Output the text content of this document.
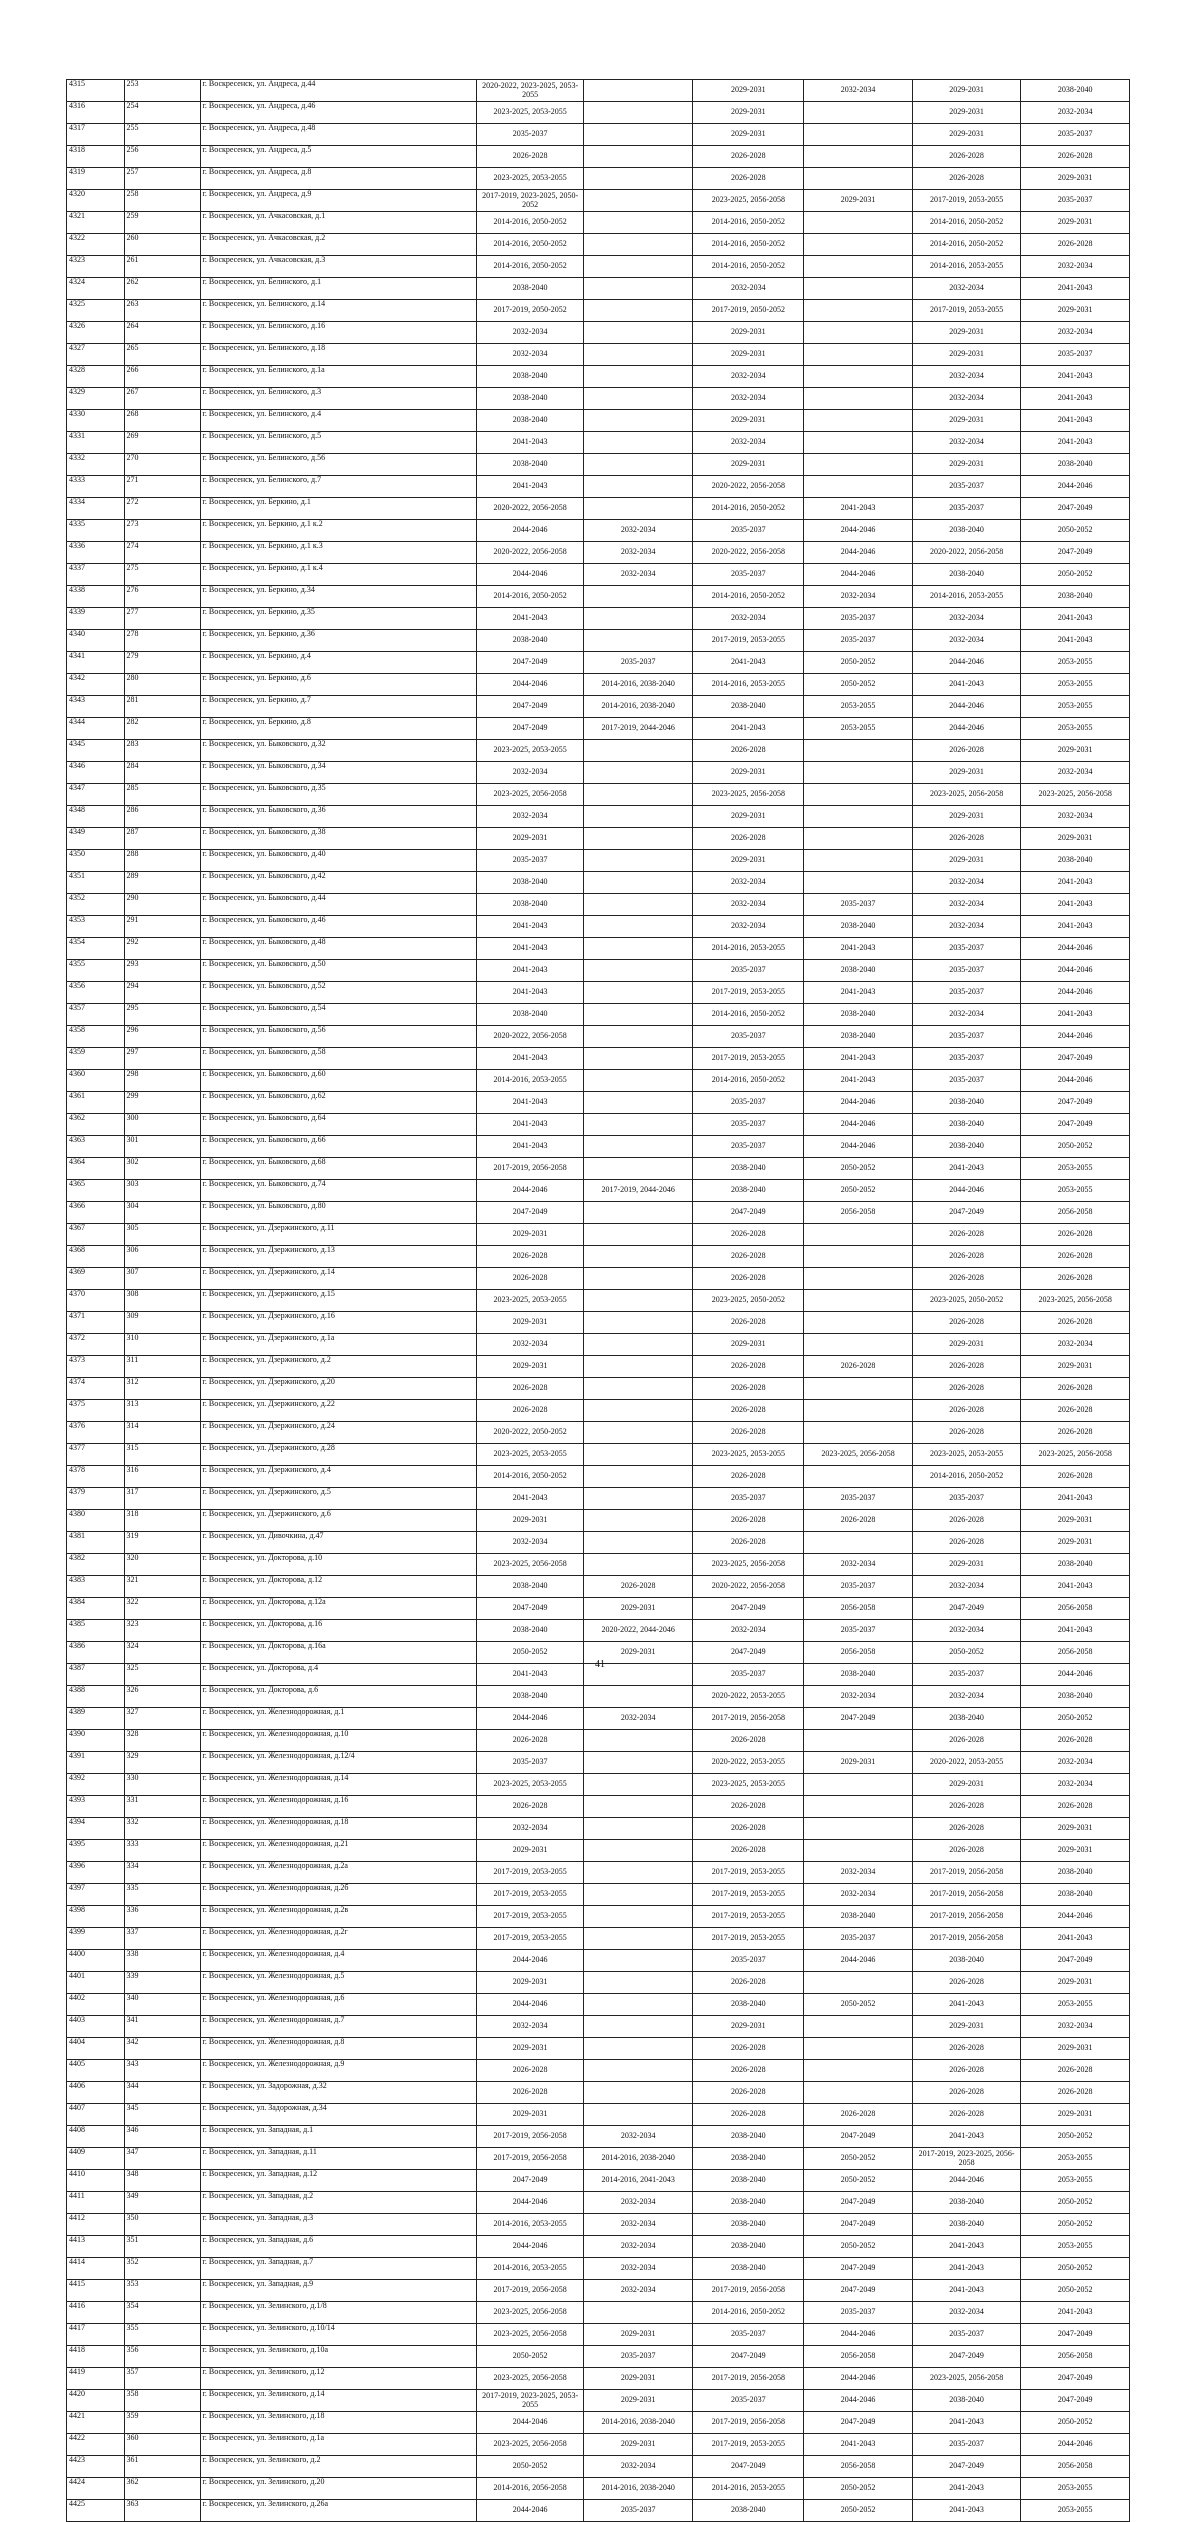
4315	253	г. Воскресенск, ул. Андреса, д.44	2020-2022, 2023-2025, 2053-2055		2029-2031	2032-2034	2029-2031	2038-2040
4316	254	г. Воскресенск, ул. Андреса, д.46	2023-2025, 2053-2055		2029-2031		2029-2031	2032-2034
4317	255	г. Воскресенск, ул. Андреса, д.48	2035-2037		2029-2031		2029-2031	2035-2037
4318	256	г. Воскресенск, ул. Андреса, д.5	2026-2028		2026-2028		2026-2028	2026-2028
4319	257	г. Воскресенск, ул. Андреса, д.8	2023-2025, 2053-2055		2026-2028		2026-2028	2029-2031
4320	258	г. Воскресенск, ул. Андреса, д.9	2017-2019, 2023-2025, 2050-2052		2023-2025, 2056-2058	2029-2031	2017-2019, 2053-2055	2035-2037
4321	259	г. Воскресенск, ул. Ачкасовская, д.1	2014-2016, 2050-2052		2014-2016, 2050-2052		2014-2016, 2050-2052	2029-2031
4322	260	г. Воскресенск, ул. Ачкасовская, д.2	2014-2016, 2050-2052		2014-2016, 2050-2052		2014-2016, 2050-2052	2026-2028
4323	261	г. Воскресенск, ул. Ачкасовская, д.3	2014-2016, 2050-2052		2014-2016, 2050-2052		2014-2016, 2053-2055	2032-2034
4324	262	г. Воскресенск, ул. Белинского, д.1	2038-2040		2032-2034		2032-2034	2041-2043
4325	263	г. Воскресенск, ул. Белинского, д.14	2017-2019, 2050-2052		2017-2019, 2050-2052		2017-2019, 2053-2055	2029-2031
4326	264	г. Воскресенск, ул. Белинского, д.16	2032-2034		2029-2031		2029-2031	2032-2034
4327	265	г. Воскресенск, ул. Белинского, д.18	2032-2034		2029-2031		2029-2031	2035-2037
4328	266	г. Воскресенск, ул. Белинского, д.1а	2038-2040		2032-2034		2032-2034	2041-2043
4329	267	г. Воскресенск, ул. Белинского, д.3	2038-2040		2032-2034		2032-2034	2041-2043
4330	268	г. Воскресенск, ул. Белинского, д.4	2038-2040		2029-2031		2029-2031	2041-2043
4331	269	г. Воскресенск, ул. Белинского, д.5	2041-2043		2032-2034		2032-2034	2041-2043
4332	270	г. Воскресенск, ул. Белинского, д.56	2038-2040		2029-2031		2029-2031	2038-2040
4333	271	г. Воскресенск, ул. Белинского, д.7	2041-2043		2020-2022, 2056-2058		2035-2037	2044-2046
4334	272	г. Воскресенск, ул. Беркино, д.1	2020-2022, 2056-2058		2014-2016, 2050-2052	2041-2043	2035-2037	2047-2049
4335	273	г. Воскресенск, ул. Беркино, д.1 к.2	2044-2046	2032-2034	2035-2037	2044-2046	2038-2040	2050-2052
4336	274	г. Воскресенск, ул. Беркино, д.1 к.3	2020-2022, 2056-2058	2032-2034	2020-2022, 2056-2058	2044-2046	2020-2022, 2056-2058	2047-2049
4337	275	г. Воскресенск, ул. Беркино, д.1 к.4	2044-2046	2032-2034	2035-2037	2044-2046	2038-2040	2050-2052
4338	276	г. Воскресенск, ул. Беркино, д.34	2014-2016, 2050-2052		2014-2016, 2050-2052	2032-2034	2014-2016, 2053-2055	2038-2040
4339	277	г. Воскресенск, ул. Беркино, д.35	2041-2043		2032-2034	2035-2037	2032-2034	2041-2043
4340	278	г. Воскресенск, ул. Беркино, д.36	2038-2040		2017-2019, 2053-2055	2035-2037	2032-2034	2041-2043
4341	279	г. Воскресенск, ул. Беркино, д.4	2047-2049	2035-2037	2041-2043	2050-2052	2044-2046	2053-2055
4342	280	г. Воскресенск, ул. Беркино, д.6	2044-2046	2014-2016, 2038-2040	2014-2016, 2053-2055	2050-2052	2041-2043	2053-2055
4343	281	г. Воскресенск, ул. Беркино, д.7	2047-2049	2014-2016, 2038-2040	2038-2040	2053-2055	2044-2046	2053-2055
4344	282	г. Воскресенск, ул. Беркино, д.8	2047-2049	2017-2019, 2044-2046	2041-2043	2053-2055	2044-2046	2053-2055
4345	283	г. Воскресенск, ул. Быковского, д.32	2023-2025, 2053-2055		2026-2028		2026-2028	2029-2031
4346	284	г. Воскресенск, ул. Быковского, д.34	2032-2034		2029-2031		2029-2031	2032-2034
4347	285	г. Воскресенск, ул. Быковского, д.35	2023-2025, 2056-2058		2023-2025, 2056-2058		2023-2025, 2056-2058	2023-2025, 2056-2058
4348	286	г. Воскресенск, ул. Быковского, д.36	2032-2034		2029-2031		2029-2031	2032-2034
4349	287	г. Воскресенск, ул. Быковского, д.38	2029-2031		2026-2028		2026-2028	2029-2031
4350	288	г. Воскресенск, ул. Быковского, д.40	2035-2037		2029-2031		2029-2031	2038-2040
4351	289	г. Воскресенск, ул. Быковского, д.42	2038-2040		2032-2034		2032-2034	2041-2043
4352	290	г. Воскресенск, ул. Быковского, д.44	2038-2040		2032-2034	2035-2037	2032-2034	2041-2043
4353	291	г. Воскресенск, ул. Быковского, д.46	2041-2043		2032-2034	2038-2040	2032-2034	2041-2043
4354	292	г. Воскресенск, ул. Быковского, д.48	2041-2043		2014-2016, 2053-2055	2041-2043	2035-2037	2044-2046
4355	293	г. Воскресенск, ул. Быковского, д.50	2041-2043		2035-2037	2038-2040	2035-2037	2044-2046
4356	294	г. Воскресенск, ул. Быковского, д.52	2041-2043		2017-2019, 2053-2055	2041-2043	2035-2037	2044-2046
4357	295	г. Воскресенск, ул. Быковского, д.54	2038-2040		2014-2016, 2050-2052	2038-2040	2032-2034	2041-2043
4358	296	г. Воскресенск, ул. Быковского, д.56	2020-2022, 2056-2058		2035-2037	2038-2040	2035-2037	2044-2046
4359	297	г. Воскресенск, ул. Быковского, д.58	2041-2043		2017-2019, 2053-2055	2041-2043	2035-2037	2047-2049
4360	298	г. Воскресенск, ул. Быковского, д.60	2014-2016, 2053-2055		2014-2016, 2050-2052	2041-2043	2035-2037	2044-2046
4361	299	г. Воскресенск, ул. Быковского, д.62	2041-2043		2035-2037	2044-2046	2038-2040	2047-2049
4362	300	г. Воскресенск, ул. Быковского, д.64	2041-2043		2035-2037	2044-2046	2038-2040	2047-2049
4363	301	г. Воскресенск, ул. Быковского, д.66	2041-2043		2035-2037	2044-2046	2038-2040	2050-2052
4364	302	г. Воскресенск, ул. Быковского, д.68	2017-2019, 2056-2058		2038-2040	2050-2052	2041-2043	2053-2055
4365	303	г. Воскресенск, ул. Быковского, д.74	2044-2046	2017-2019, 2044-2046	2038-2040	2050-2052	2044-2046	2053-2055
4366	304	г. Воскресенск, ул. Быковского, д.80	2047-2049		2047-2049	2056-2058	2047-2049	2056-2058
4367	305	г. Воскресенск, ул. Дзержинского, д.11	2029-2031		2026-2028		2026-2028	2026-2028
4368	306	г. Воскресенск, ул. Дзержинского, д.13	2026-2028		2026-2028		2026-2028	2026-2028
4369	307	г. Воскресенск, ул. Дзержинского, д.14	2026-2028		2026-2028		2026-2028	2026-2028
4370	308	г. Воскресенск, ул. Дзержинского, д.15	2023-2025, 2053-2055		2023-2025, 2050-2052		2023-2025, 2050-2052	2023-2025, 2056-2058
4371	309	г. Воскресенск, ул. Дзержинского, д.16	2029-2031		2026-2028		2026-2028	2026-2028
4372	310	г. Воскресенск, ул. Дзержинского, д.1а	2032-2034		2029-2031		2029-2031	2032-2034
4373	311	г. Воскресенск, ул. Дзержинского, д.2	2029-2031		2026-2028	2026-2028	2026-2028	2029-2031
4374	312	г. Воскресенск, ул. Дзержинского, д.20	2026-2028		2026-2028		2026-2028	2026-2028
4375	313	г. Воскресенск, ул. Дзержинского, д.22	2026-2028		2026-2028		2026-2028	2026-2028
4376	314	г. Воскресенск, ул. Дзержинского, д.24	2020-2022, 2050-2052		2026-2028		2026-2028	2026-2028
4377	315	г. Воскресенск, ул. Дзержинского, д.28	2023-2025, 2053-2055		2023-2025, 2053-2055	2023-2025, 2056-2058	2023-2025, 2053-2055	2023-2025, 2056-2058
4378	316	г. Воскресенск, ул. Дзержинского, д.4	2014-2016, 2050-2052		2026-2028		2014-2016, 2050-2052	2026-2028
4379	317	г. Воскресенск, ул. Дзержинского, д.5	2041-2043		2035-2037	2035-2037	2035-2037	2041-2043
4380	318	г. Воскресенск, ул. Дзержинского, д.6	2029-2031		2026-2028	2026-2028	2026-2028	2029-2031
4381	319	г. Воскресенск, ул. Дивочкина, д.47	2032-2034		2026-2028		2026-2028	2029-2031
4382	320	г. Воскресенск, ул. Докторова, д.10	2023-2025, 2056-2058		2023-2025, 2056-2058	2032-2034	2029-2031	2038-2040
4383	321	г. Воскресенск, ул. Докторова, д.12	2038-2040	2026-2028	2020-2022, 2056-2058	2035-2037	2032-2034	2041-2043
4384	322	г. Воскресенск, ул. Докторова, д.12а	2047-2049	2029-2031	2047-2049	2056-2058	2047-2049	2056-2058
4385	323	г. Воскресенск, ул. Докторова, д.16	2038-2040	2020-2022, 2044-2046	2032-2034	2035-2037	2032-2034	2041-2043
4386	324	г. Воскресенск, ул. Докторова, д.16а	2050-2052	2029-2031	2047-2049	2056-2058	2050-2052	2056-2058
4387	325	г. Воскресенск, ул. Докторова, д.4	2041-2043		2035-2037	2038-2040	2035-2037	2044-2046
4388	326	г. Воскресенск, ул. Докторова, д.6	2038-2040		2020-2022, 2053-2055	2032-2034	2032-2034	2038-2040
4389	327	г. Воскресенск, ул. Железнодорожная, д.1	2044-2046	2032-2034	2017-2019, 2056-2058	2047-2049	2038-2040	2050-2052
4390	328	г. Воскресенск, ул. Железнодорожная, д.10	2026-2028		2026-2028		2026-2028	2026-2028
4391	329	г. Воскресенск, ул. Железнодорожная, д.12/4	2035-2037		2020-2022, 2053-2055	2029-2031	2020-2022, 2053-2055	2032-2034
4392	330	г. Воскресенск, ул. Железнодорожная, д.14	2023-2025, 2053-2055		2023-2025, 2053-2055		2029-2031	2032-2034
4393	331	г. Воскресенск, ул. Железнодорожная, д.16	2026-2028		2026-2028		2026-2028	2026-2028
4394	332	г. Воскресенск, ул. Железнодорожная, д.18	2032-2034		2026-2028		2026-2028	2029-2031
4395	333	г. Воскресенск, ул. Железнодорожная, д.21	2029-2031		2026-2028		2026-2028	2029-2031
4396	334	г. Воскресенск, ул. Железнодорожная, д.2а	2017-2019, 2053-2055		2017-2019, 2053-2055	2032-2034	2017-2019, 2056-2058	2038-2040
4397	335	г. Воскресенск, ул. Железнодорожная, д.2б	2017-2019, 2053-2055		2017-2019, 2053-2055	2032-2034	2017-2019, 2056-2058	2038-2040
4398	336	г. Воскресенск, ул. Железнодорожная, д.2в	2017-2019, 2053-2055		2017-2019, 2053-2055	2038-2040	2017-2019, 2056-2058	2044-2046
4399	337	г. Воскресенск, ул. Железнодорожная, д.2г	2017-2019, 2053-2055		2017-2019, 2053-2055	2035-2037	2017-2019, 2056-2058	2041-2043
4400	338	г. Воскресенск, ул. Железнодорожная, д.4	2044-2046		2035-2037	2044-2046	2038-2040	2047-2049
4401	339	г. Воскресенск, ул. Железнодорожная, д.5	2029-2031		2026-2028		2026-2028	2029-2031
4402	340	г. Воскресенск, ул. Железнодорожная, д.6	2044-2046		2038-2040	2050-2052	2041-2043	2053-2055
4403	341	г. Воскресенск, ул. Железнодорожная, д.7	2032-2034		2029-2031		2029-2031	2032-2034
4404	342	г. Воскресенск, ул. Железнодорожная, д.8	2029-2031		2026-2028		2026-2028	2029-2031
4405	343	г. Воскресенск, ул. Железнодорожная, д.9	2026-2028		2026-2028		2026-2028	2026-2028
4406	344	г. Воскресенск, ул. Задорожная, д.32	2026-2028		2026-2028		2026-2028	2026-2028
4407	345	г. Воскресенск, ул. Задорожная, д.34	2029-2031		2026-2028	2026-2028	2026-2028	2029-2031
4408	346	г. Воскресенск, ул. Западная, д.1	2017-2019, 2056-2058	2032-2034	2038-2040	2047-2049	2041-2043	2050-2052
4409	347	г. Воскресенск, ул. Западная, д.11	2017-2019, 2056-2058	2014-2016, 2038-2040	2038-2040	2050-2052	2017-2019, 2023-2025, 2056-2058	2053-2055
4410	348	г. Воскресенск, ул. Западная, д.12	2047-2049	2014-2016, 2041-2043	2038-2040	2050-2052	2044-2046	2053-2055
4411	349	г. Воскресенск, ул. Западная, д.2	2044-2046	2032-2034	2038-2040	2047-2049	2038-2040	2050-2052
4412	350	г. Воскресенск, ул. Западная, д.3	2014-2016, 2053-2055	2032-2034	2038-2040	2047-2049	2038-2040	2050-2052
4413	351	г. Воскресенск, ул. Западная, д.6	2044-2046	2032-2034	2038-2040	2050-2052	2041-2043	2053-2055
4414	352	г. Воскресенск, ул. Западная, д.7	2014-2016, 2053-2055	2032-2034	2038-2040	2047-2049	2041-2043	2050-2052
4415	353	г. Воскресенск, ул. Западная, д.9	2017-2019, 2056-2058	2032-2034	2017-2019, 2056-2058	2047-2049	2041-2043	2050-2052
4416	354	г. Воскресенск, ул. Зелинского, д.1/8	2023-2025, 2056-2058		2014-2016, 2050-2052	2035-2037	2032-2034	2041-2043
4417	355	г. Воскресенск, ул. Зелинского, д.10/14	2023-2025, 2056-2058	2029-2031	2035-2037	2044-2046	2035-2037	2047-2049
4418	356	г. Воскресенск, ул. Зелинского, д.10а	2050-2052	2035-2037	2047-2049	2056-2058	2047-2049	2056-2058
4419	357	г. Воскресенск, ул. Зелинского, д.12	2023-2025, 2056-2058	2029-2031	2017-2019, 2056-2058	2044-2046	2023-2025, 2056-2058	2047-2049
4420	358	г. Воскресенск, ул. Зелинского, д.14	2017-2019, 2023-2025, 2053-2055	2029-2031	2035-2037	2044-2046	2038-2040	2047-2049
4421	359	г. Воскресенск, ул. Зелинского, д.18	2044-2046	2014-2016, 2038-2040	2017-2019, 2056-2058	2047-2049	2041-2043	2050-2052
4422	360	г. Воскресенск, ул. Зелинского, д.1а	2023-2025, 2056-2058	2029-2031	2017-2019, 2053-2055	2041-2043	2035-2037	2044-2046
4423	361	г. Воскресенск, ул. Зелинского, д.2	2050-2052	2032-2034	2047-2049	2056-2058	2047-2049	2056-2058
4424	362	г. Воскресенск, ул. Зелинского, д.20	2014-2016, 2056-2058	2014-2016, 2038-2040	2014-2016, 2053-2055	2050-2052	2041-2043	2053-2055
4425	363	г. Воскресенск, ул. Зелинского, д.26а	2044-2046	2035-2037	2038-2040	2050-2052	2041-2043	2053-2055
41
